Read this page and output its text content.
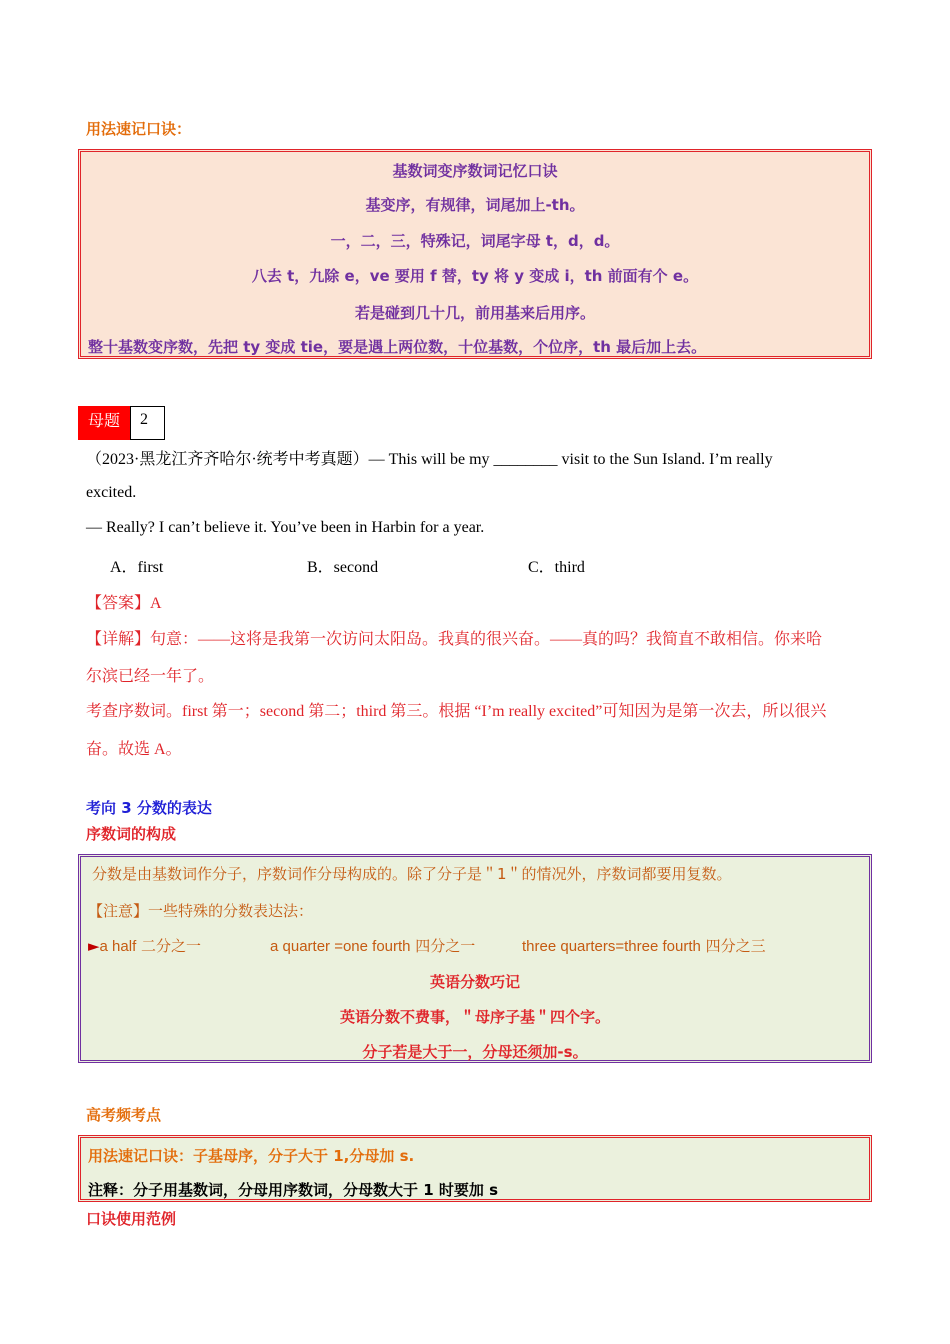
用法速记口诀：
基数词变序数词记忆口诀
基变序，有规律，词尾加上-th。
一，二，三，特殊记，词尾字母 t，d，d。
八去 t，九除 e，ve 要用 f 替，ty 将 y 变成 i，th 前面有个 e。
若是碰到几十几，前用基来后用序。
整十基数变序数，先把 ty 变成 tie，要是遇上两位数，十位基数，个位序，th 最后加上去。
母题	2
（2023·黑龙江齐齐哈尔·统考中考真题）— This will be my ________ visit to the Sun Island. I’m really
excited.
— Really? I can’t believe it. You’ve been in Harbin for a year.
A．first	B．second	C．third
【答案】A
【详解】句意：——这将是我第一次访问太阳岛。我真的很兴奋。——真的吗？我简直不敢相信。你来哈
尔滨已经一年了。
考查序数词。first 第一；second 第二；third 第三。根据 “I’m really excited”可知因为是第一次去，所以很兴
奋。故选 A。
考向 3 分数的表达
序数词的构成
分数是由基数词作分子，序数词作分母构成的。除了分子是＂1＂的情况外，序数词都要用复数。
【注意】一些特殊的分数表达法：
►a half 二分之一	a quarter =one fourth 四分之一	three quarters=three fourth 四分之三
英语分数巧记
英语分数不费事，＂母序子基＂四个字。
分子若是大于一，分母还须加-s。
高考频考点
用法速记口诀：子基母序，分子大于 1,分母加 s.
注释：分子用基数词，分母用序数词，分母数大于 1 时要加 s
口诀使用范例
